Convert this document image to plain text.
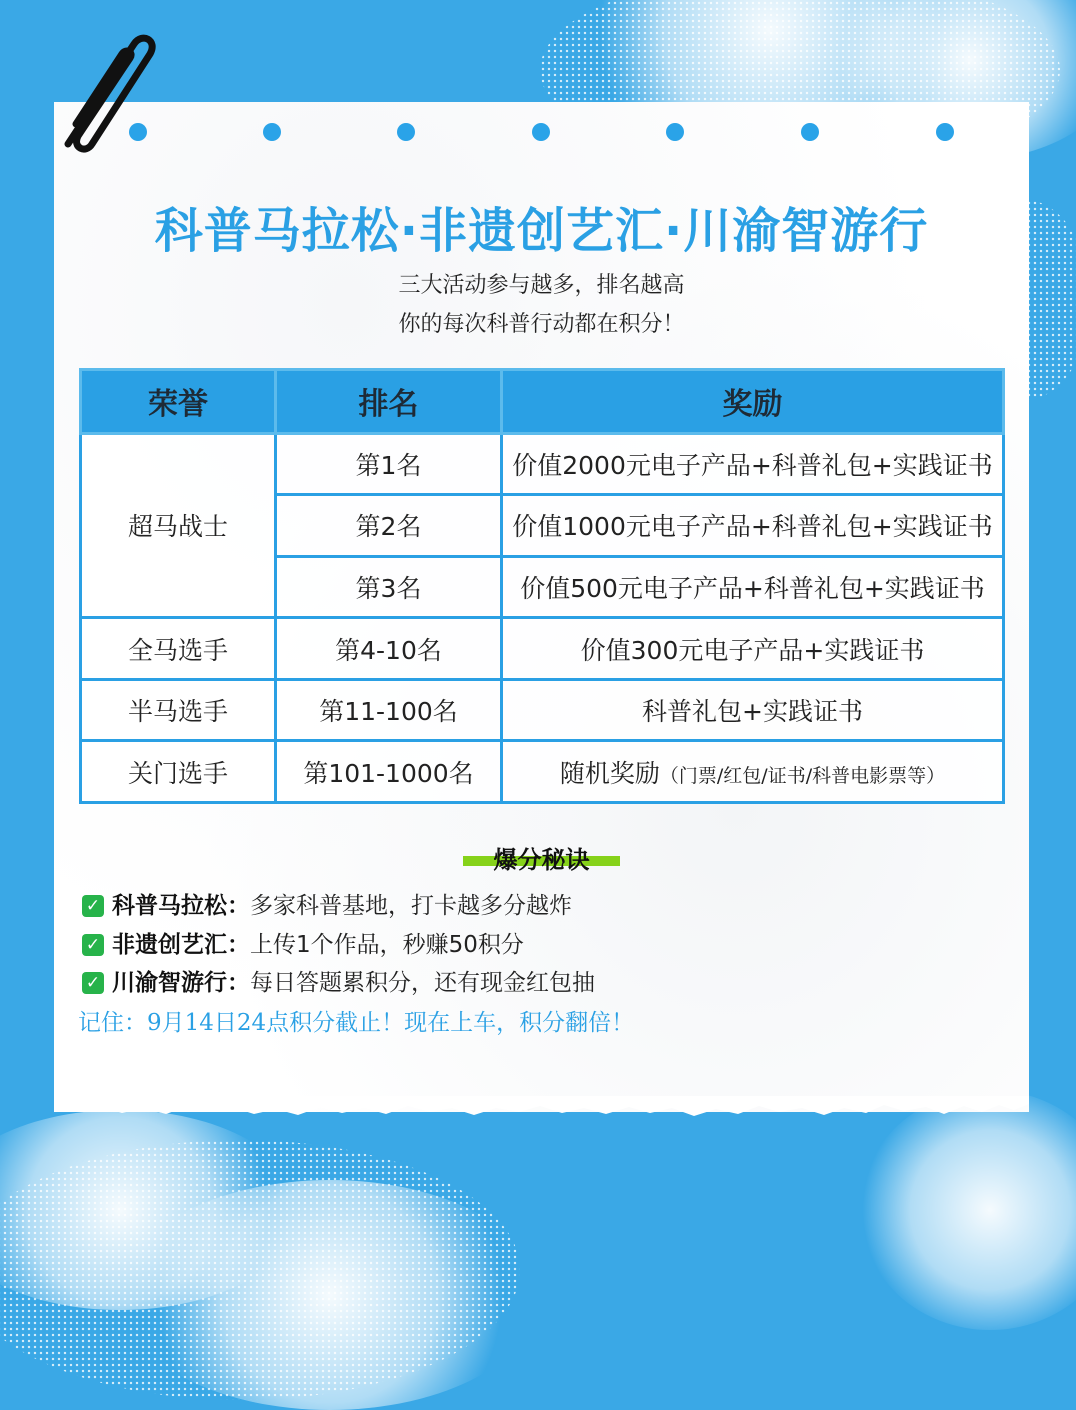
科普马拉松·非遗创艺汇·川渝智游行
三大活动参与越多，排名越高
你的每次科普行动都在积分！
荣誉	排名	奖励
超马战士	第1名	价值2000元电子产品+科普礼包+实践证书
	第2名	价值1000元电子产品+科普礼包+实践证书
	第3名	价值500元电子产品+科普礼包+实践证书
全马选手	第4-10名	价值300元电子产品+实践证书
半马选手	第11-100名	科普礼包+实践证书
关门选手	第101-1000名	随机奖励（门票/红包/证书/科普电影票等）
爆分秘诀
✓ 科普马拉松：多家科普基地，打卡越多分越炸
✓ 非遗创艺汇：上传1个作品，秒赚50积分
✓ 川渝智游行：每日答题累积分，还有现金红包抽
记住：9月14日24点积分截止！现在上车，积分翻倍！
